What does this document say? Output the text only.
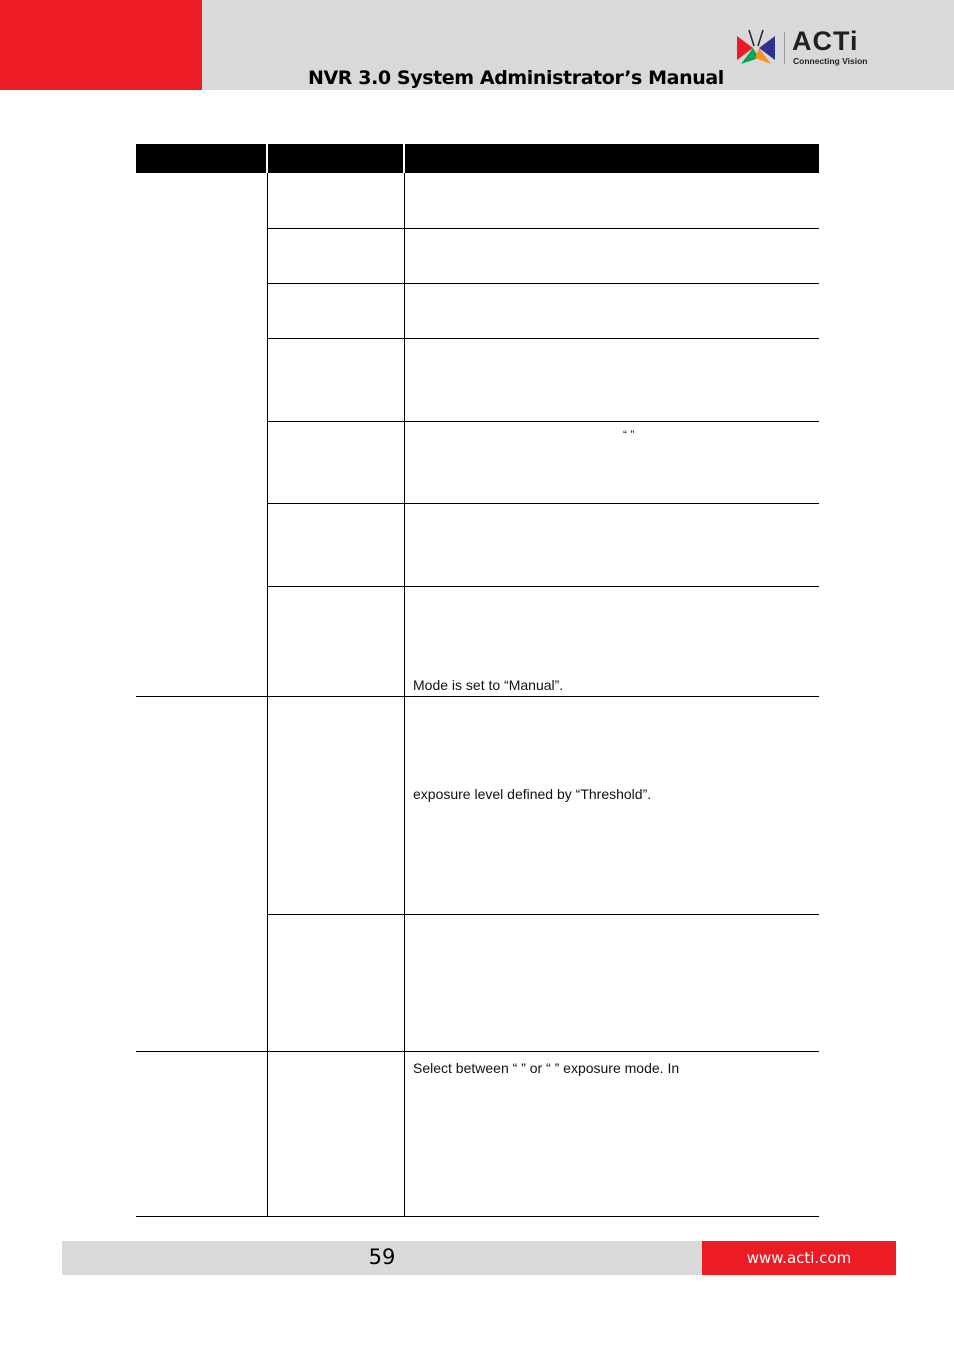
NVR 3.0 System Administrator’s Manual
ACTi
Connecting Vision
“ ”
Mode is set to “Manual”.
exposure level defined by “Threshold”.
Select between “ ” or “ ” exposure mode. In
59	www.acti.com
